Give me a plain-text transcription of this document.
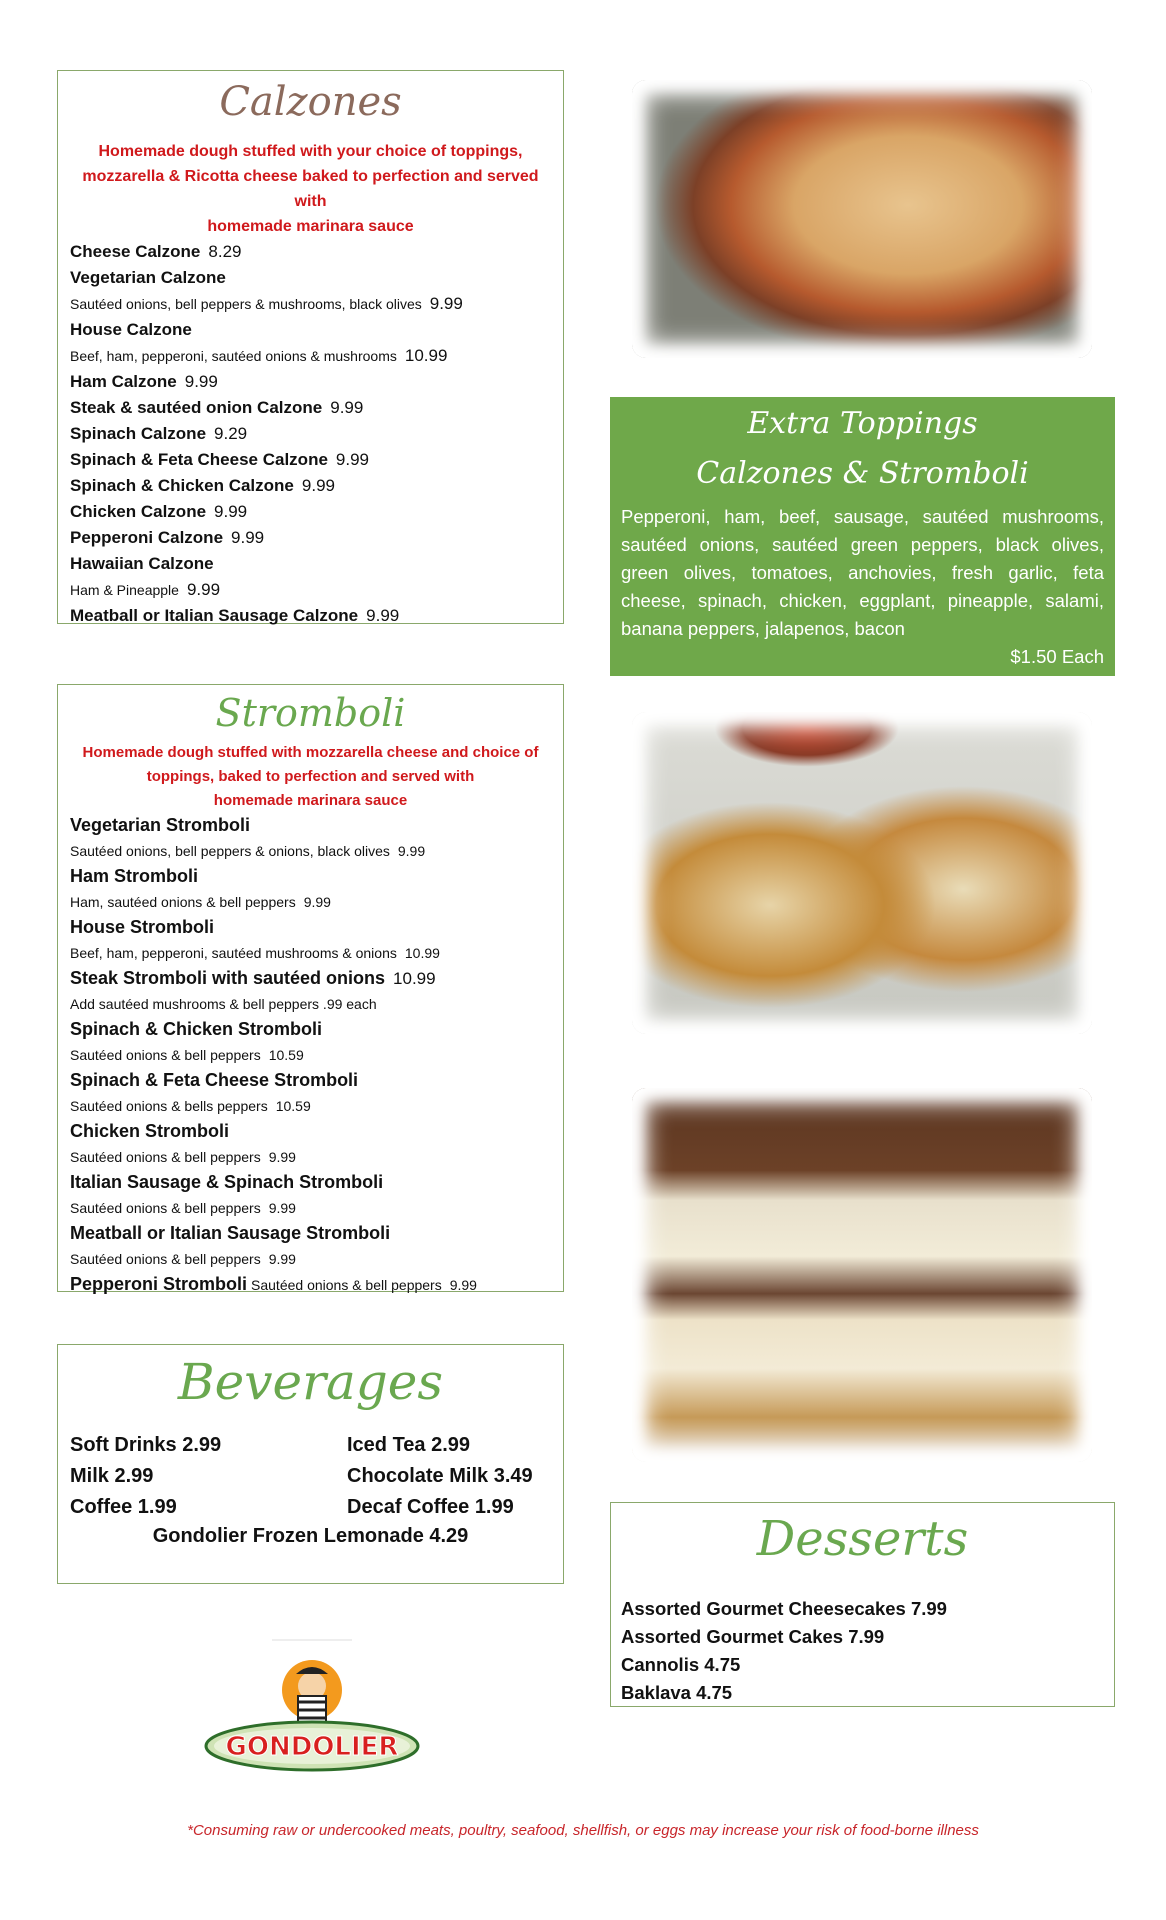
Calzones
Homemade dough stuffed with your choice of toppings,
mozzarella & Ricotta cheese baked to perfection and served
with
homemade marinara sauce
Cheese Calzone 8.29
Vegetarian Calzone
Sautéed onions, bell peppers & mushrooms, black olives 9.99
House Calzone
Beef, ham, pepperoni, sautéed onions & mushrooms 10.99
Ham Calzone 9.99
Steak & sautéed onion Calzone 9.99
Spinach Calzone 9.29
Spinach & Feta Cheese Calzone 9.99
Spinach & Chicken Calzone 9.99
Chicken Calzone 9.99
Pepperoni Calzone 9.99
Hawaiian Calzone
Ham & Pineapple 9.99
Meatball or Italian Sausage Calzone 9.99
Stromboli
Homemade dough stuffed with mozzarella cheese and choice of
toppings, baked to perfection and served with
homemade marinara sauce
Vegetarian Stromboli
Sautéed onions, bell peppers & onions, black olives 9.99
Ham Stromboli
Ham, sautéed onions & bell peppers 9.99
House Stromboli
Beef, ham, pepperoni, sautéed mushrooms & onions 10.99
Steak Stromboli with sautéed onions 10.99
Add sautéed mushrooms & bell peppers .99 each
Spinach & Chicken Stromboli
Sautéed onions & bell peppers 10.59
Spinach & Feta Cheese Stromboli
Sautéed onions & bells peppers 10.59
Chicken Stromboli
Sautéed onions & bell peppers 9.99
Italian Sausage & Spinach Stromboli
Sautéed onions & bell peppers 9.99
Meatball or Italian Sausage Stromboli
Sautéed onions & bell peppers 9.99
Pepperoni Stromboli Sautéed onions & bell peppers 9.99
Beverages
Soft Drinks 2.99	Iced Tea 2.99
Milk 2.99	Chocolate Milk 3.49
Coffee 1.99	Decaf Coffee 1.99
Gondolier Frozen Lemonade 4.29
Extra Toppings
Calzones & Stromboli
Pepperoni, ham, beef, sausage, sautéed mushrooms, sautéed onions, sautéed green peppers, black olives, green olives, tomatoes, anchovies, fresh garlic, feta cheese, spinach, chicken, eggplant, pineapple, salami, banana peppers, jalapenos, bacon
$1.50 Each
Desserts
Assorted Gourmet Cheesecakes 7.99
Assorted Gourmet Cakes 7.99
Cannolis 4.75
Baklava 4.75
GONDOLIER
*Consuming raw or undercooked meats, poultry, seafood, shellfish, or eggs may increase your risk of food-borne illness
